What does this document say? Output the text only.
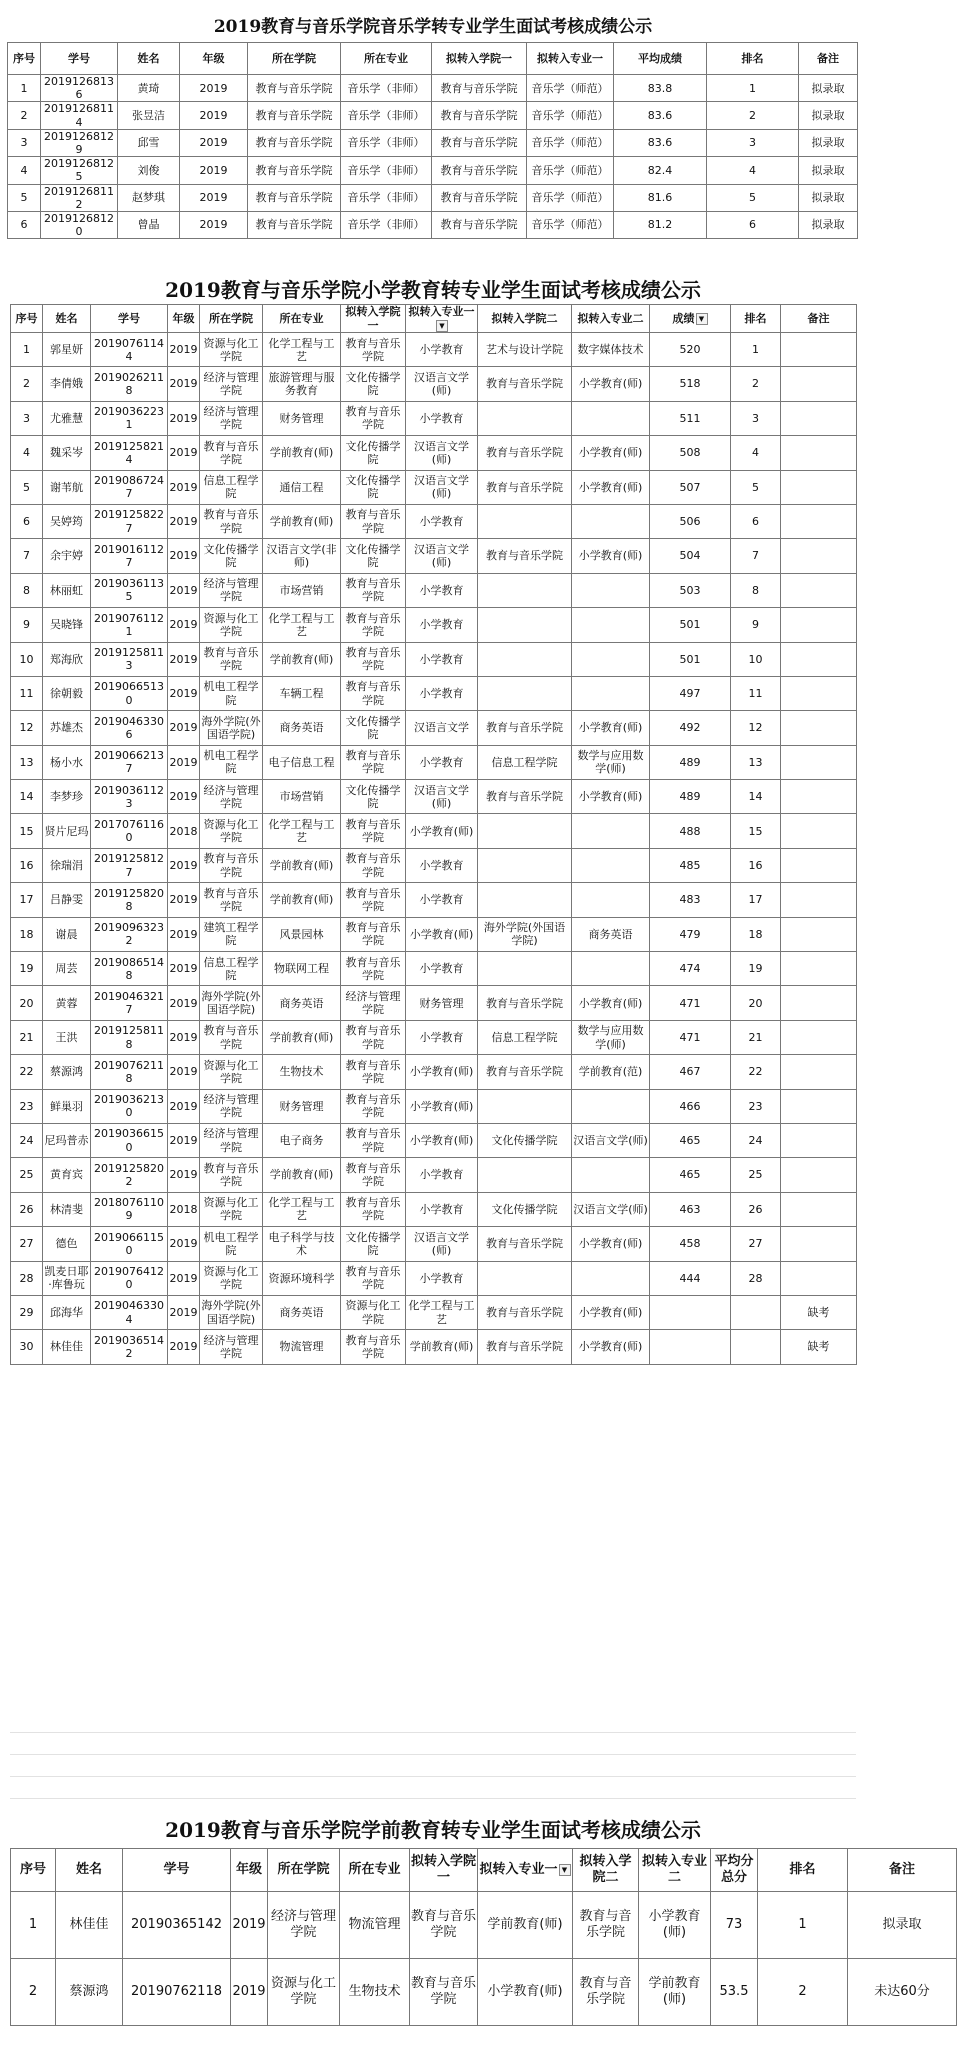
2019教育与音乐学院音乐学转专业学生面试考核成绩公示
序号	学号	姓名	年级	所在学院	所在专业	拟转入学院一	拟转入专业一	平均成绩	排名	备注
1	20191268136	黄琦	2019	教育与音乐学院	音乐学（非师）	教育与音乐学院	音乐学（师范）	83.8	1	拟录取
2	20191268114	张昱洁	2019	教育与音乐学院	音乐学（非师）	教育与音乐学院	音乐学（师范）	83.6	2	拟录取
3	20191268129	邱雪	2019	教育与音乐学院	音乐学（非师）	教育与音乐学院	音乐学（师范）	83.6	3	拟录取
4	20191268125	刘俊	2019	教育与音乐学院	音乐学（非师）	教育与音乐学院	音乐学（师范）	82.4	4	拟录取
5	20191268112	赵梦琪	2019	教育与音乐学院	音乐学（非师）	教育与音乐学院	音乐学（师范）	81.6	5	拟录取
6	20191268120	曾晶	2019	教育与音乐学院	音乐学（非师）	教育与音乐学院	音乐学（师范）	81.2	6	拟录取
2019教育与音乐学院小学教育转专业学生面试考核成绩公示
序号	姓名	学号	年级	所在学院	所在专业	拟转入学院一	拟转入专业一▼	拟转入学院二	拟转入专业二	成绩 ▼	排名	备注
1	郭星妍	20190761144	2019	资源与化工学院	化学工程与工艺	教育与音乐学院	小学教育	艺术与设计学院	数字媒体技术	520	1	
2	李倩娥	20190262118	2019	经济与管理学院	旅游管理与服务教育	文化传播学院	汉语言文学(师)	教育与音乐学院	小学教育(师)	518	2	
3	尤雅慧	20190362231	2019	经济与管理学院	财务管理	教育与音乐学院	小学教育			511	3	
4	魏采岑	20191258214	2019	教育与音乐学院	学前教育(师)	文化传播学院	汉语言文学(师)	教育与音乐学院	小学教育(师)	508	4	
5	谢苇航	20190867247	2019	信息工程学院	通信工程	文化传播学院	汉语言文学(师)	教育与音乐学院	小学教育(师)	507	5	
6	吴婷筠	20191258227	2019	教育与音乐学院	学前教育(师)	教育与音乐学院	小学教育			506	6	
7	余宇婷	20190161127	2019	文化传播学院	汉语言文学(非师)	文化传播学院	汉语言文学(师)	教育与音乐学院	小学教育(师)	504	7	
8	林丽虹	20190361135	2019	经济与管理学院	市场营销	教育与音乐学院	小学教育			503	8	
9	吴晓锋	20190761121	2019	资源与化工学院	化学工程与工艺	教育与音乐学院	小学教育			501	9	
10	郑海欣	20191258113	2019	教育与音乐学院	学前教育(师)	教育与音乐学院	小学教育			501	10	
11	徐朝毅	20190665130	2019	机电工程学院	车辆工程	教育与音乐学院	小学教育			497	11	
12	苏雄杰	20190463306	2019	海外学院(外国语学院)	商务英语	文化传播学院	汉语言文学	教育与音乐学院	小学教育(师)	492	12	
13	杨小水	20190662137	2019	机电工程学院	电子信息工程	教育与音乐学院	小学教育	信息工程学院	数学与应用数学(师)	489	13	
14	李梦珍	20190361123	2019	经济与管理学院	市场营销	文化传播学院	汉语言文学(师)	教育与音乐学院	小学教育(师)	489	14	
15	贤片尼玛	20170761160	2018	资源与化工学院	化学工程与工艺	教育与音乐学院	小学教育(师)			488	15	
16	徐瑞涓	20191258127	2019	教育与音乐学院	学前教育(师)	教育与音乐学院	小学教育			485	16	
17	吕静雯	20191258208	2019	教育与音乐学院	学前教育(师)	教育与音乐学院	小学教育			483	17	
18	谢晨	20190963232	2019	建筑工程学院	风景园林	教育与音乐学院	小学教育(师)	海外学院(外国语学院)	商务英语	479	18	
19	周芸	20190865148	2019	信息工程学院	物联网工程	教育与音乐学院	小学教育			474	19	
20	黄蓉	20190463217	2019	海外学院(外国语学院)	商务英语	经济与管理学院	财务管理	教育与音乐学院	小学教育(师)	471	20	
21	王洪	20191258118	2019	教育与音乐学院	学前教育(师)	教育与音乐学院	小学教育	信息工程学院	数学与应用数学(师)	471	21	
22	蔡源鸿	20190762118	2019	资源与化工学院	生物技术	教育与音乐学院	小学教育(师)	教育与音乐学院	学前教育(范)	467	22	
23	鲜巢羽	20190362130	2019	经济与管理学院	财务管理	教育与音乐学院	小学教育(师)			466	23	
24	尼玛普赤	20190366150	2019	经济与管理学院	电子商务	教育与音乐学院	小学教育(师)	文化传播学院	汉语言文学(师)	465	24	
25	黄育宾	20191258202	2019	教育与音乐学院	学前教育(师)	教育与音乐学院	小学教育			465	25	
26	林清斐	20180761109	2018	资源与化工学院	化学工程与工艺	教育与音乐学院	小学教育	文化传播学院	汉语言文学(师)	463	26	
27	德色	20190661150	2019	机电工程学院	电子科学与技术	文化传播学院	汉语言文学(师)	教育与音乐学院	小学教育(师)	458	27	
28	凯麦日耶·库鲁玩	20190764120	2019	资源与化工学院	资源环境科学	教育与音乐学院	小学教育			444	28	
29	邱海华	20190463304	2019	海外学院(外国语学院)	商务英语	资源与化工学院	化学工程与工艺	教育与音乐学院	小学教育(师)			缺考
30	林佳佳	20190365142	2019	经济与管理学院	物流管理	教育与音乐学院	学前教育(师)	教育与音乐学院	小学教育(师)			缺考
2019教育与音乐学院学前教育转专业学生面试考核成绩公示
序号	姓名	学号	年级	所在学院	所在专业	拟转入学院一	拟转入专业一 ▼	拟转入学院二	拟转入专业二	平均分总分	排名	备注
1	林佳佳	20190365142	2019	经济与管理学院	物流管理	教育与音乐学院	学前教育(师)	教育与音乐学院	小学教育(师)	73	1	拟录取
2	蔡源鸿	20190762118	2019	资源与化工学院	生物技术	教育与音乐学院	小学教育(师)	教育与音乐学院	学前教育(师)	53.5	2	未达60分
